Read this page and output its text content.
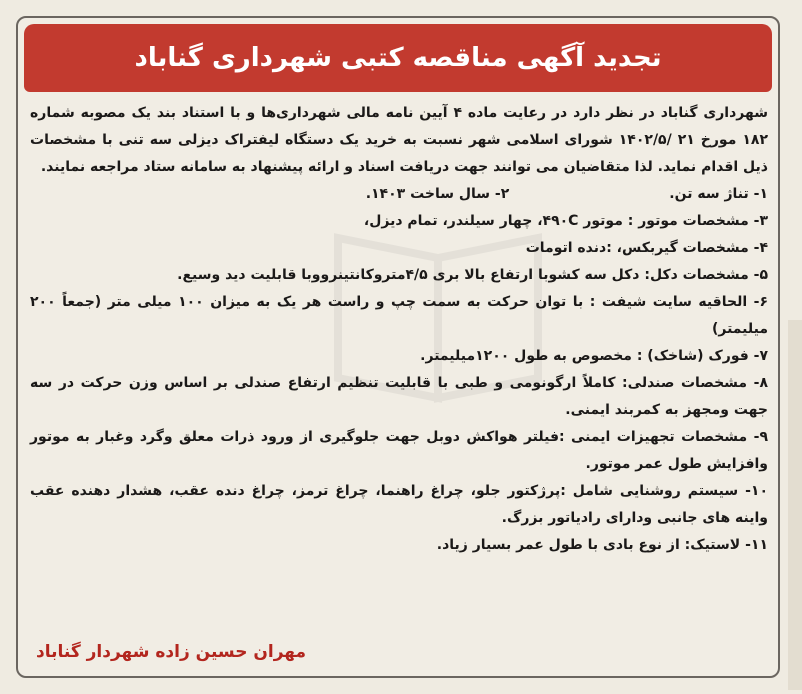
تجدید آگهی مناقصه کتبی شهرداری گناباد

شهرداری گناباد در نظر دارد در رعایت ماده ۴ آیین نامه مالی شهرداری‌ها و با استناد بند یک مصوبه شماره ۱۸۲ مورخ ۲۱ /۱۴۰۲/۵ شورای اسلامی شهر نسبت به خرید یک دستگاه لیفتراک دیزلی سه تنی با مشخصات ذیل اقدام نماید. لذا متقاضیان می توانند جهت دریافت اسناد و ارائه پیشنهاد به سامانه ستاد مراجعه نمایند.

۱- تناژ سه تن.
۲- سال ساخت ۱۴۰۳.

۳- مشخصات موتور : موتور ۴۹۰C، چهار سیلندر، تمام دیزل،

۴- مشخصات گیربکس، :دنده اتومات

۵- مشخصات دکل: دکل سه کشوبا ارتفاع بالا بری ۴/۵مترو‌کانتینرووبا قابلیت دید وسیع.

۶- الحاقیه سایت شیفت : با توان حرکت به سمت چپ و راست هر یک به میزان ۱۰۰ میلی متر (جمعاً ۲۰۰ میلیمتر)

۷- فورک (شاخک) : مخصوص به طول ۱۲۰۰میلیمتر.

۸- مشخصات صندلی: کاملاً ارگونومی و طبی با قابلیت تنظیم ارتفاع صندلی بر اساس وزن حرکت در سه جهت ومجهز به کمربند ایمنی.

۹- مشخصات تجهیزات ایمنی :فیلتر هواکش دوبل جهت جلوگیری از ورود ذرات معلق وگرد وغبار به موتور وافزایش طول عمر موتور.

۱۰- سیستم روشنایی شامل :پرژکتور جلو، چراغ راهنما، چراغ ترمز، چراغ دنده عقب، هشدار دهنده عقب واینه های جانبی ودارای رادیاتور بزرگ.

۱۱- لاستیک: از نوع بادی با طول عمر بسیار زیاد.

مهران حسین زاده شهردار گناباد
